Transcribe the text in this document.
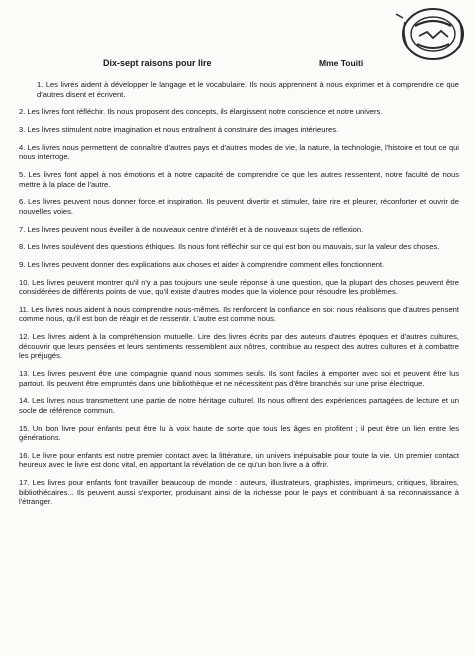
Dix-sept raisons pour lire	Mme Touiti

1. Les livres aident à développer le langage et le vocabulaire. Ils nous apprennent à nous exprimer et à comprendre ce que d'autres disent et écrivent.

2. Les livres font réfléchir. Ils nous proposent des concepts, ils élargissent notre conscience et notre univers.

3. Les livres stimulent notre imagination et nous entraînent à construire des images intérieures.

4. Les livres nous permettent de connaître d'autres pays et d'autres modes de vie, la nature, la technologie, l'histoire et tout ce qui nous interroge.

5. Les livres font appel à nos émotions et à notre capacité de comprendre ce que les autres ressentent, notre faculté de nous mettre à la place de l'autre.

6. Les livres peuvent nous donner force et inspiration. Ils peuvent divertir et stimuler, faire rire et pleurer, réconforter et ouvrir de nouvelles voies.

7. Les livres peuvent nous éveiller à de nouveaux centre d'intérêt et à de nouveaux sujets de réflexion.

8. Les livres soulèvent des questions éthiques. Ils nous font réfléchir sur ce qui est bon ou mauvais, sur la valeur des choses.

9. Les livres peuvent donner des explications aux choses et aider à comprendre comment elles fonctionnent.

10. Les livres peuvent montrer qu'il n'y a pas toujours une seule réponse à une question, que la plupart des choses peuvent être considérées de différents points de vue, qu'il existe d'autres modes que la violence pour résoudre les problèmes.

11. Les livres nous aident à nous comprendre nous-mêmes. Ils renforcent la confiance en soi: nous réalisons que d'autres pensent comme nous, qu'il est bon de réagir et de ressentir. L'autre est comme nous.

12. Les livres aident à la compréhension mutuelle. Lire des livres écrits par des auteurs d'autres époques et d'autres cultures, découvrir que leurs pensées et leurs sentiments ressemblent aux nôtres, contribue au respect des autres cultures et à combattre les préjugés.

13. Les livres peuvent être une compagnie quand nous sommes seuls. Ils sont faciles à emporter avec soi et peuvent être lus partout. Ils peuvent être empruntés dans une bibliothèque et ne nécessitent pas d'être branchés sur une prise électrique.

14. Les livres nous transmettent une partie de notre héritage culturel. Ils nous offrent des expériences partagées de lecture et un socle de référence commun.

15. Un bon livre pour enfants peut être lu à voix haute de sorte que tous les âges en profitent ; il peut être un lien entre les générations.

16. Le livre pour enfants est notre premier contact avec la littérature, un univers inépuisable pour toute la vie. Un premier contact heureux avec le livre est donc vital, en apportant la révélation de ce qu'un bon livre a à offrir.

17. Les livres pour enfants font travailler beaucoup de monde : auteurs, illustrateurs, graphistes, imprimeurs, critiques, libraires, bibliothécaires... Ils peuvent aussi s'exporter, produisant ainsi de la richesse pour le pays et contribuant à sa reconnaissance à l'étranger.
